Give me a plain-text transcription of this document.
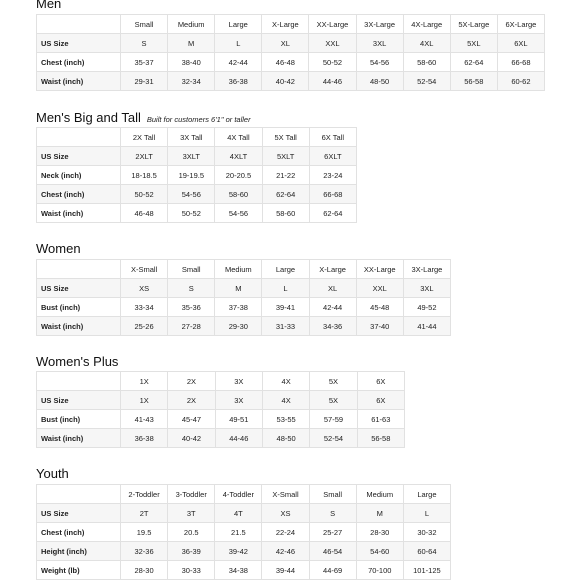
Men
	Small	Medium	Large	X-Large	XX-Large	3X-Large	4X-Large	5X-Large	6X-Large
US Size	S	M	L	XL	XXL	3XL	4XL	5XL	6XL
Chest (inch)	35-37	38-40	42-44	46-48	50-52	54-56	58-60	62-64	66-68
Waist (inch)	29-31	32-34	36-38	40-42	44-46	48-50	52-54	56-58	60-62
Men's Big and Tall Built for customers 6'1" or taller
	2X Tall	3X Tall	4X Tall	5X Tall	6X Tall
US Size	2XLT	3XLT	4XLT	5XLT	6XLT
Neck (inch)	18-18.5	19-19.5	20-20.5	21-22	23-24
Chest (inch)	50-52	54-56	58-60	62-64	66-68
Waist (inch)	46-48	50-52	54-56	58-60	62-64
Women
	X-Small	Small	Medium	Large	X-Large	XX-Large	3X-Large
US Size	XS	S	M	L	XL	XXL	3XL
Bust (inch)	33-34	35-36	37-38	39-41	42-44	45-48	49-52
Waist (inch)	25-26	27-28	29-30	31-33	34-36	37-40	41-44
Women's Plus
	1X	2X	3X	4X	5X	6X
US Size	1X	2X	3X	4X	5X	6X
Bust (inch)	41-43	45-47	49-51	53-55	57-59	61-63
Waist (inch)	36-38	40-42	44-46	48-50	52-54	56-58
Youth
	2-Toddler	3-Toddler	4-Toddler	X-Small	Small	Medium	Large
US Size	2T	3T	4T	XS	S	M	L
Chest (inch)	19.5	20.5	21.5	22-24	25-27	28-30	30-32
Height (inch)	32-36	36-39	39-42	42-46	46-54	54-60	60-64
Weight (lb)	28-30	30-33	34-38	39-44	44-69	70-100	101-125
